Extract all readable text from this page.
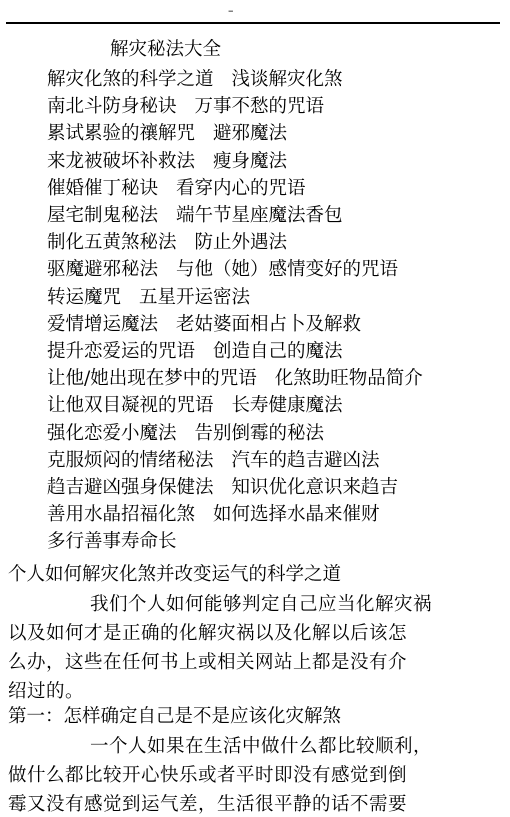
–
解灾秘法大全
解灾化煞的科学之道 浅谈解灾化煞
南北斗防身秘诀 万事不愁的咒语
累试累验的禳解咒 避邪魔法
来龙被破坏补救法 瘦身魔法
催婚催丁秘诀 看穿内心的咒语
屋宅制鬼秘法 端午节星座魔法香包
制化五黄煞秘法 防止外遇法
驱魔避邪秘法 与他（她）感情变好的咒语
转运魔咒 五星开运密法
爱情增运魔法 老姑婆面相占卜及解救
提升恋爱运的咒语 创造自己的魔法
让他/她出现在梦中的咒语 化煞助旺物品简介
让他双目凝视的咒语 长寿健康魔法
强化恋爱小魔法 告别倒霉的秘法
克服烦闷的情绪秘法 汽车的趋吉避凶法
趋吉避凶强身保健法 知识优化意识来趋吉
善用水晶招福化煞 如何选择水晶来催财
多行善事寿命长
个人如何解灾化煞并改变运气的科学之道
我们个人如何能够判定自己应当化解灾祸
以及如何才是正确的化解灾祸以及化解以后该怎
么办，这些在任何书上或相关网站上都是没有介
绍过的。
第一：怎样确定自己是不是应该化灾解煞
一个人如果在生活中做什么都比较顺利，
做什么都比较开心快乐或者平时即没有感觉到倒
霉又没有感觉到运气差，生活很平静的话不需要
